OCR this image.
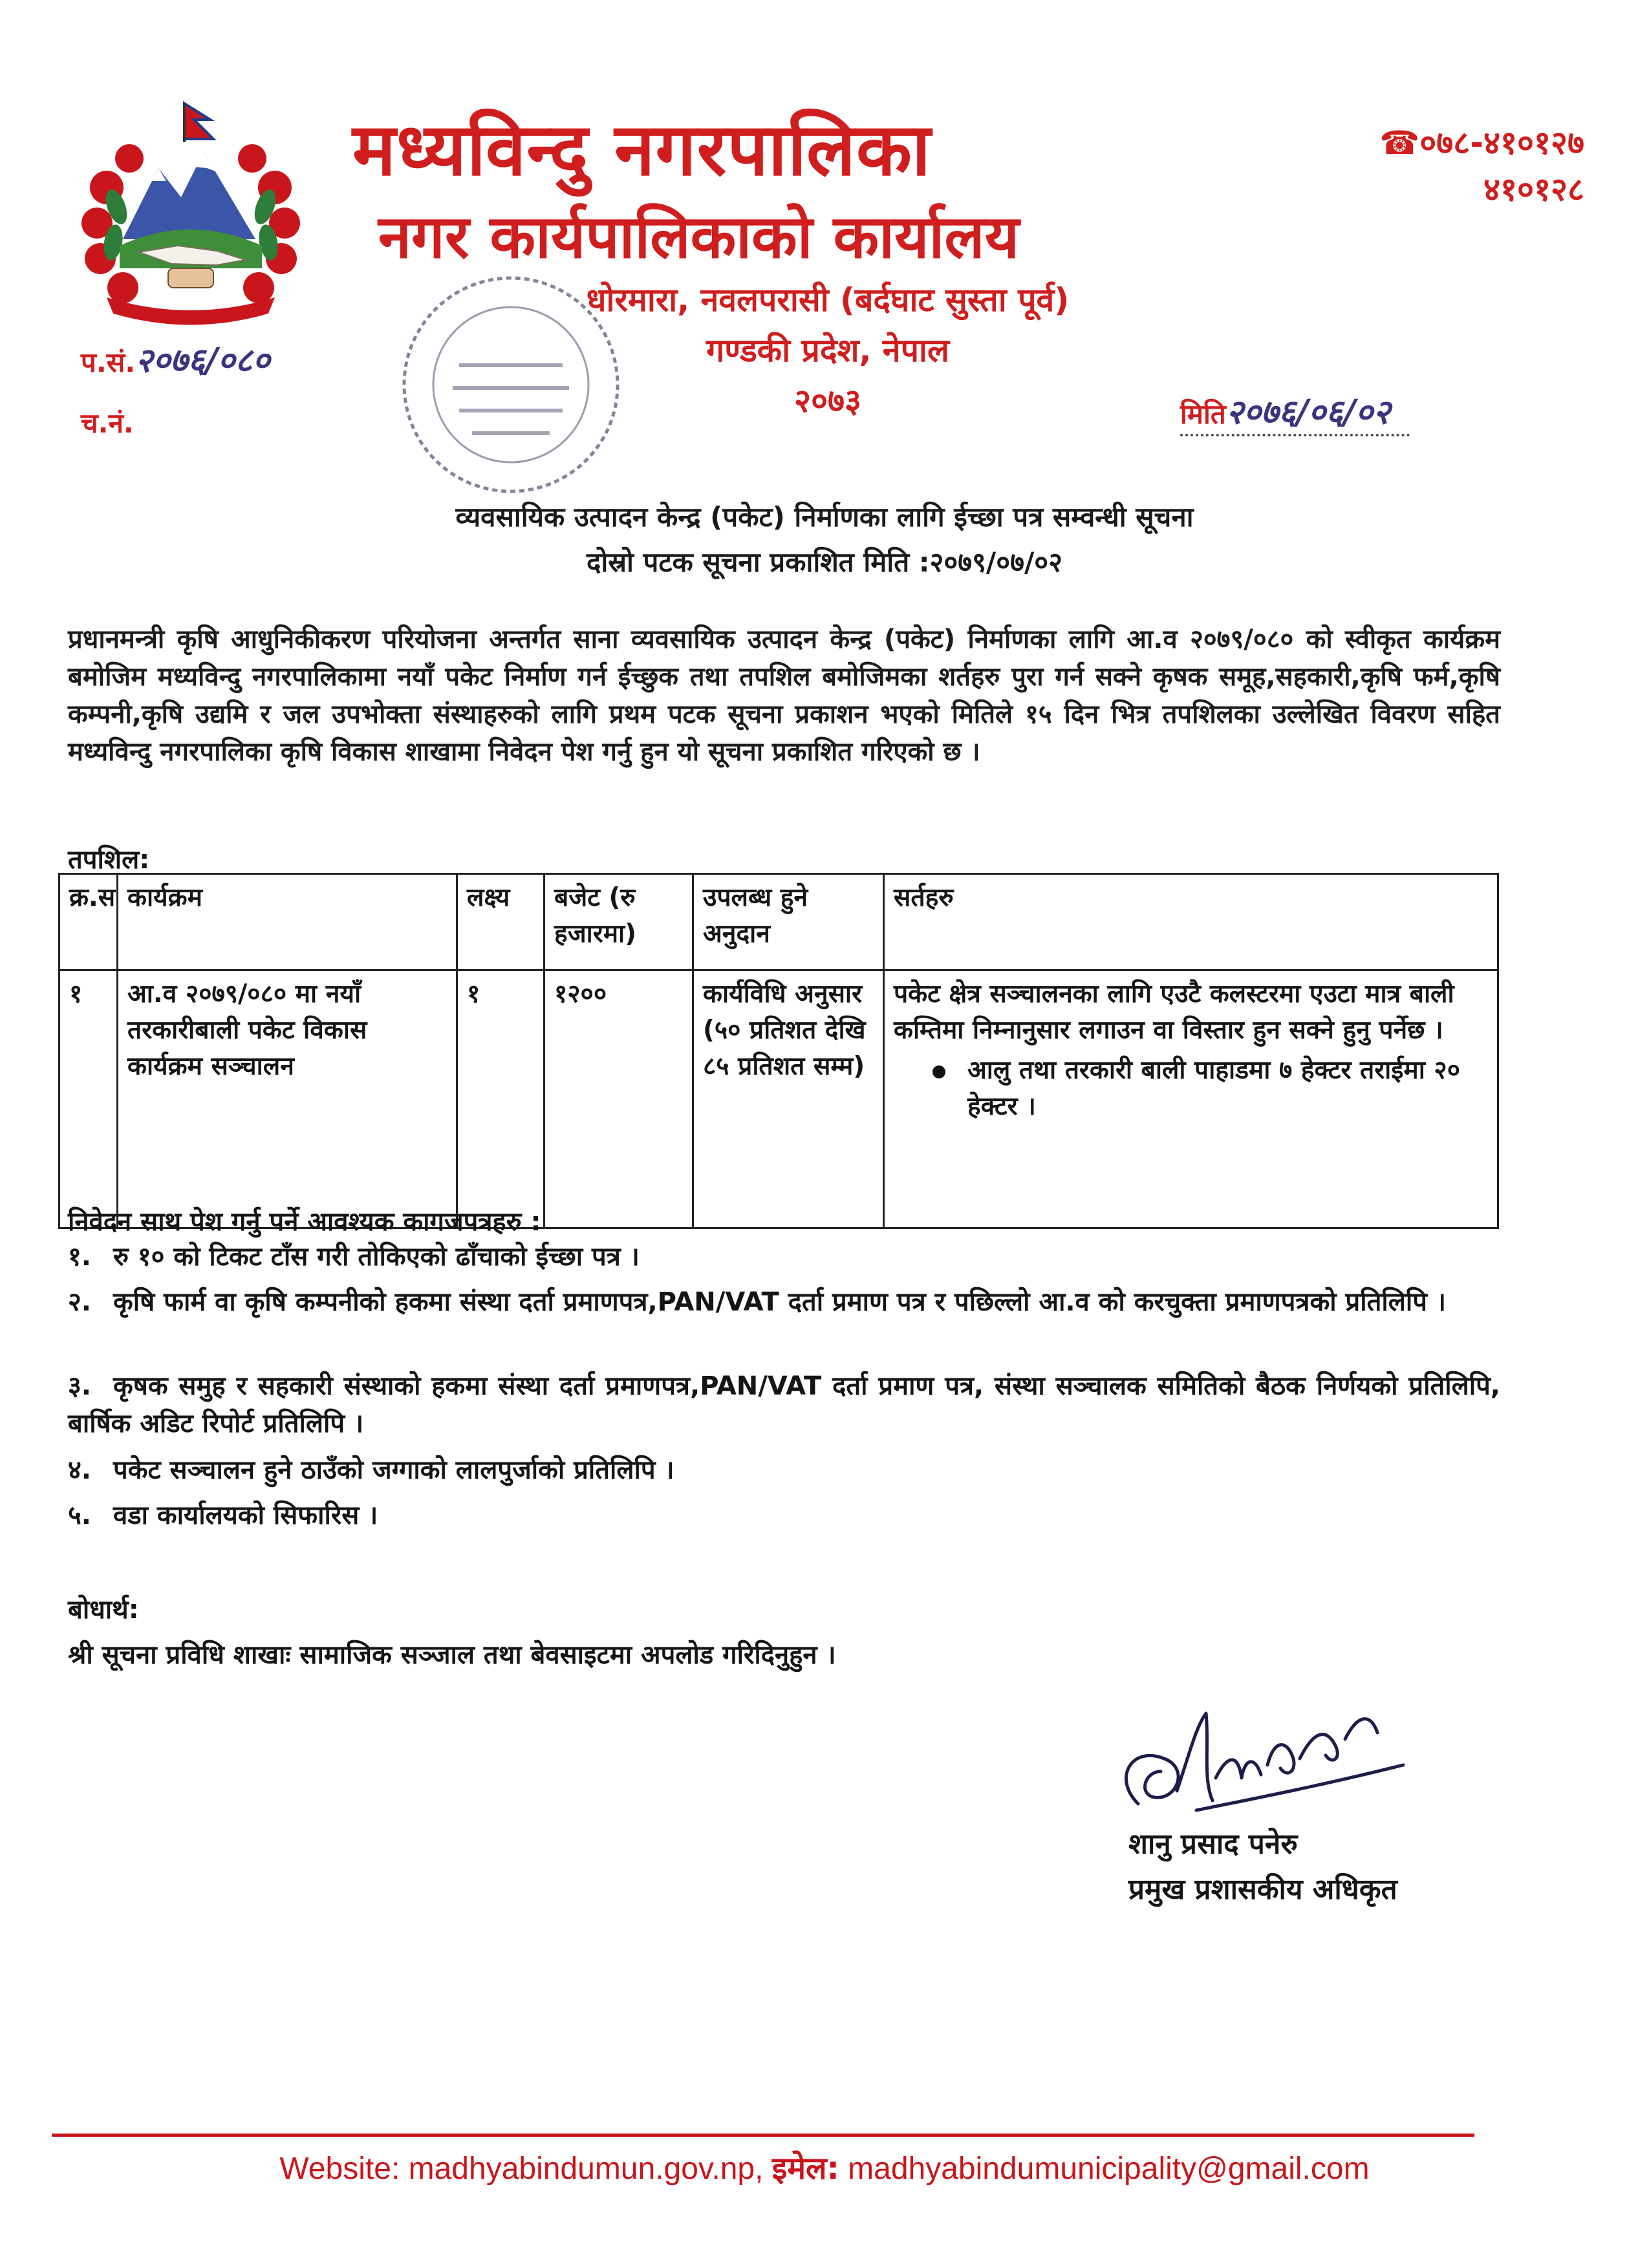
मध्यविन्दु नगरपालिका
नगर कार्यपालिकाको कार्यालय
☎०७८-४१०१२७
४१०१२८
धोरमारा, नवलपरासी (बर्दघाट सुस्ता पूर्व)
गण्डकी प्रदेश, नेपाल
२०७३
प.सं.२०७६/०८०
च.नं.	मिति२०७६/०६/०२
व्यवसायिक उत्पादन केन्द्र (पकेट) निर्माणका लागि ईच्छा पत्र सम्वन्धी सूचना
दोस्रो पटक सूचना प्रकाशित मिति :२०७९/०७/०२
प्रधानमन्त्री कृषि आधुनिकीकरण परियोजना अन्तर्गत साना व्यवसायिक उत्पादन केन्द्र (पकेट) निर्माणका लागि आ.व २०७९/०८० को स्वीकृत कार्यक्रम बमोजिम मध्यविन्दु नगरपालिकामा नयाँ पकेट निर्माण गर्न ईच्छुक तथा तपशिल बमोजिमका शर्तहरु पुरा गर्न सक्ने कृषक समूह,सहकारी,कृषि फर्म,कृषि कम्पनी,कृषि उद्यमि र जल उपभोक्ता संस्थाहरुको लागि प्रथम पटक सूचना प्रकाशन भएको मितिले १५ दिन भित्र तपशिलका उल्लेखित विवरण सहित मध्यविन्दु नगरपालिका कृषि विकास शाखामा निवेदन पेश गर्नु हुन यो सूचना प्रकाशित गरिएको छ ।
तपशिल:
क्र.स	कार्यक्रम	लक्ष्य	बजेट (रु हजारमा)	उपलब्ध हुने अनुदान	सर्तहरु
१	आ.व २०७९/०८० मा नयाँ तरकारीबाली पकेट विकास कार्यक्रम सञ्चालन	१	१२००	कार्यविधि अनुसार (५० प्रतिशत देखि ८५ प्रतिशत सम्म)	पकेट क्षेत्र सञ्चालनका लागि एउटै कलस्टरमा एउटा मात्र बाली कम्तिमा निम्नानुसार लगाउन वा विस्तार हुन सक्ने हुनु पर्नेछ ।
आलु तथा तरकारी बाली पाहाडमा ७ हेक्टर तराईमा २० हेक्टर ।
निवेदन साथ पेश गर्नु पर्ने आवश्यक कागजपत्रहरु :
१. रु १० को टिकट टाँस गरी तोकिएको ढाँचाको ईच्छा पत्र ।
२. कृषि फार्म वा कृषि कम्पनीको हकमा संस्था दर्ता प्रमाणपत्र,PAN/VAT दर्ता प्रमाण पत्र र पछिल्लो आ.व को करचुक्ता प्रमाणपत्रको प्रतिलिपि ।
३. कृषक समुह र सहकारी संस्थाको हकमा संस्था दर्ता प्रमाणपत्र,PAN/VAT दर्ता प्रमाण पत्र, संस्था सञ्चालक समितिको बैठक निर्णयको प्रतिलिपि, बार्षिक अडिट रिपोर्ट प्रतिलिपि ।
४. पकेट सञ्चालन हुने ठाउँको जग्गाको लालपुर्जाको प्रतिलिपि ।
५. वडा कार्यालयको सिफारिस ।
बोधार्थ:
श्री सूचना प्रविधि शाखाः सामाजिक सञ्जाल तथा बेवसाइटमा अपलोड गरिदिनुहुन ।
शानु प्रसाद पनेरु
प्रमुख प्रशासकीय अधिकृत
Website: madhyabindumun.gov.np, इमेल: madhyabindumunicipality@gmail.com
